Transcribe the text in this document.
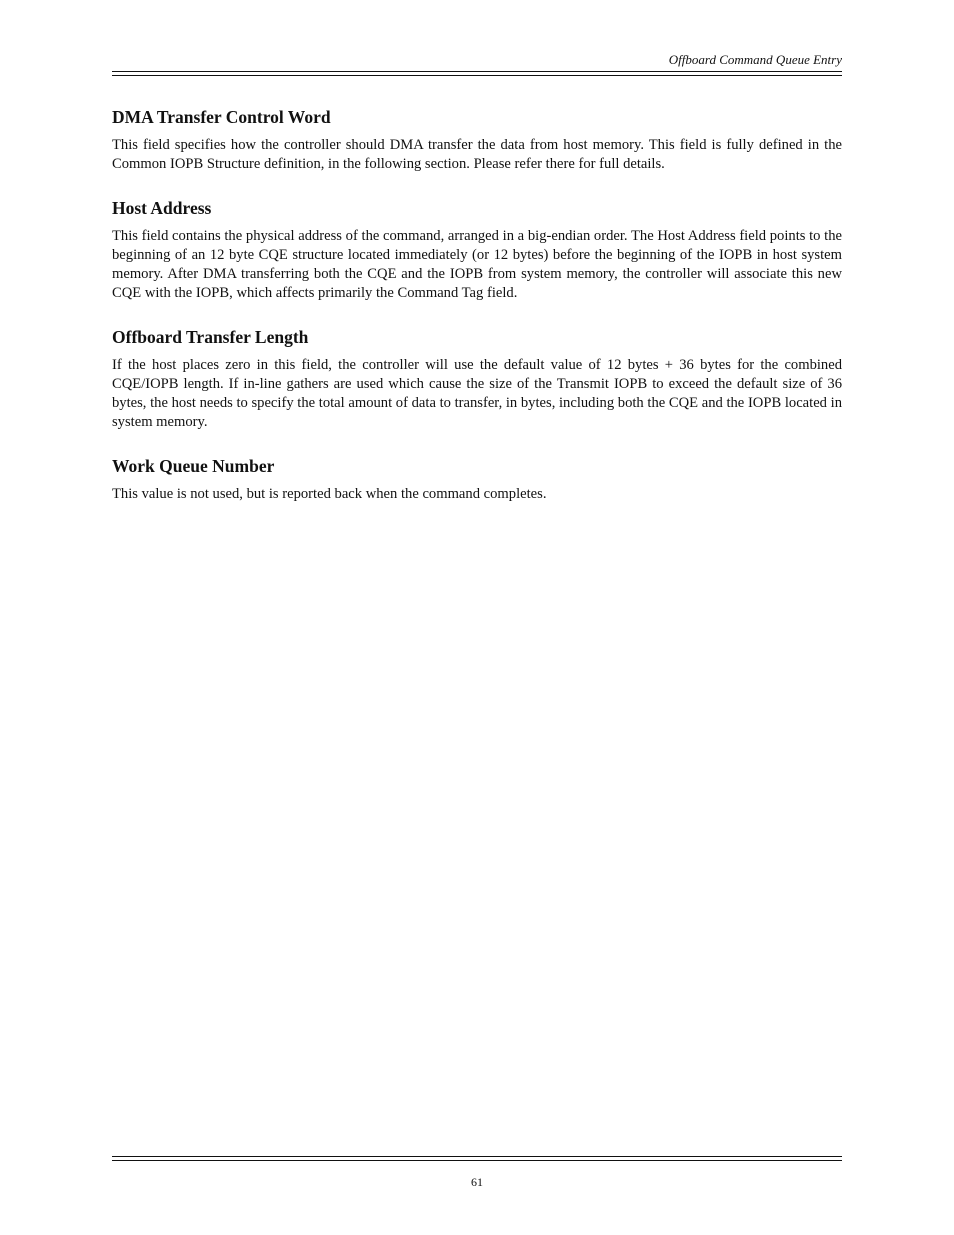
Offboard Command Queue Entry
DMA Transfer Control Word

This field specifies how the controller should DMA transfer the data from host memory. This field is fully defined in the Common IOPB Structure definition, in the following section. Please refer there for full details.

Host Address

This field contains the physical address of the command, arranged in a big-endian order. The Host Address field points to the beginning of an 12 byte CQE structure located immediately (or 12 bytes) before the beginning of the IOPB in host system memory. After DMA transferring both the CQE and the IOPB from system memory, the controller will associate this new CQE with the IOPB, which affects primarily the Command Tag field.

Offboard Transfer Length

If the host places zero in this field, the controller will use the default value of 12 bytes + 36 bytes for the combined CQE/IOPB length. If in-line gathers are used which cause the size of the Transmit IOPB to exceed the default size of 36 bytes, the host needs to specify the total amount of data to transfer, in bytes, including both the CQE and the IOPB located in system memory.

Work Queue Number

This value is not used, but is reported back when the command completes.

61
